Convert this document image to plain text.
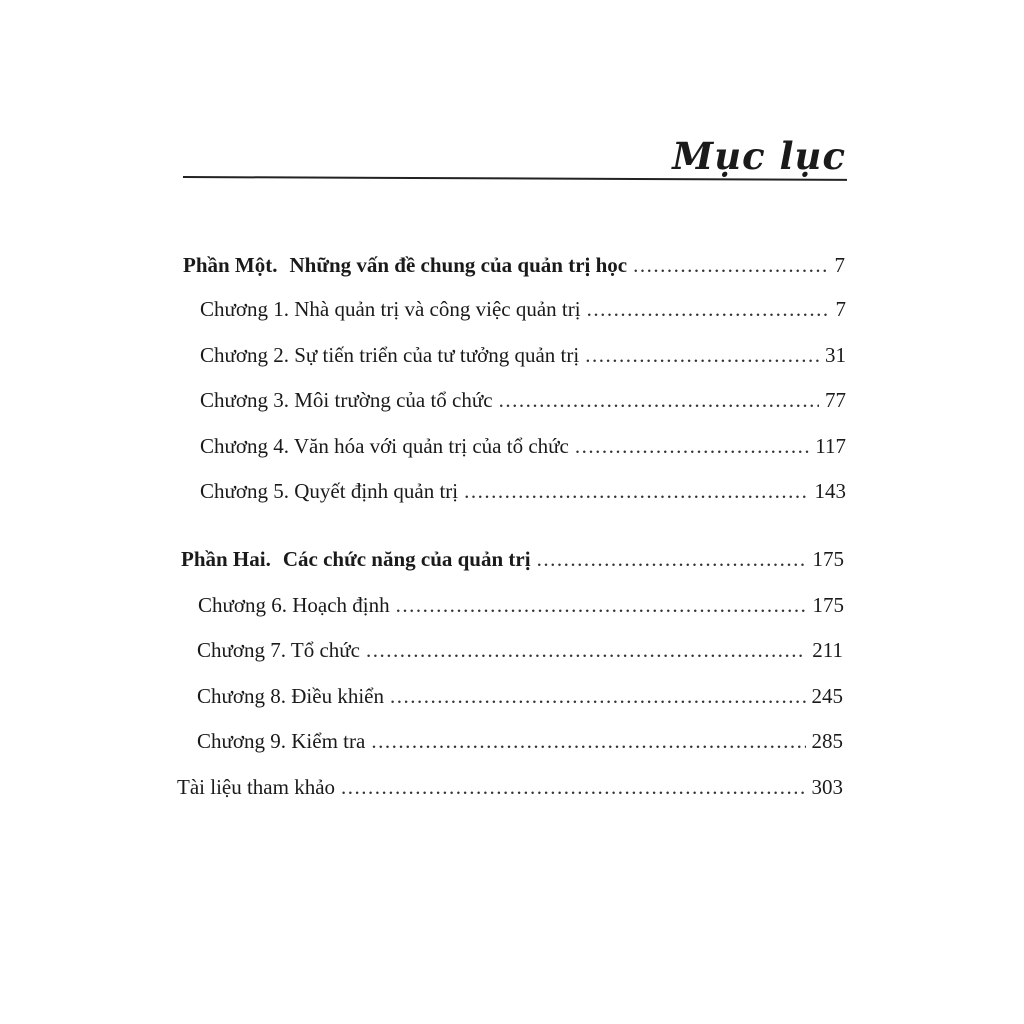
Mục lục
Phần Một. Những vấn đề chung của quản trị học .....	7
Chương 1. Nhà quản trị và công việc quản trị .....	7
Chương 2. Sự tiến triển của tư tưởng quản trị .....	31
Chương 3. Môi trường của tổ chức .....	77
Chương 4. Văn hóa với quản trị của tổ chức .....	117
Chương 5. Quyết định quản trị .....	143
Phần Hai. Các chức năng của quản trị .....	175
Chương 6. Hoạch định .....	175
Chương 7. Tổ chức .....	211
Chương 8. Điều khiển .....	245
Chương 9. Kiểm tra .....	285
Tài liệu tham khảo .....	303
